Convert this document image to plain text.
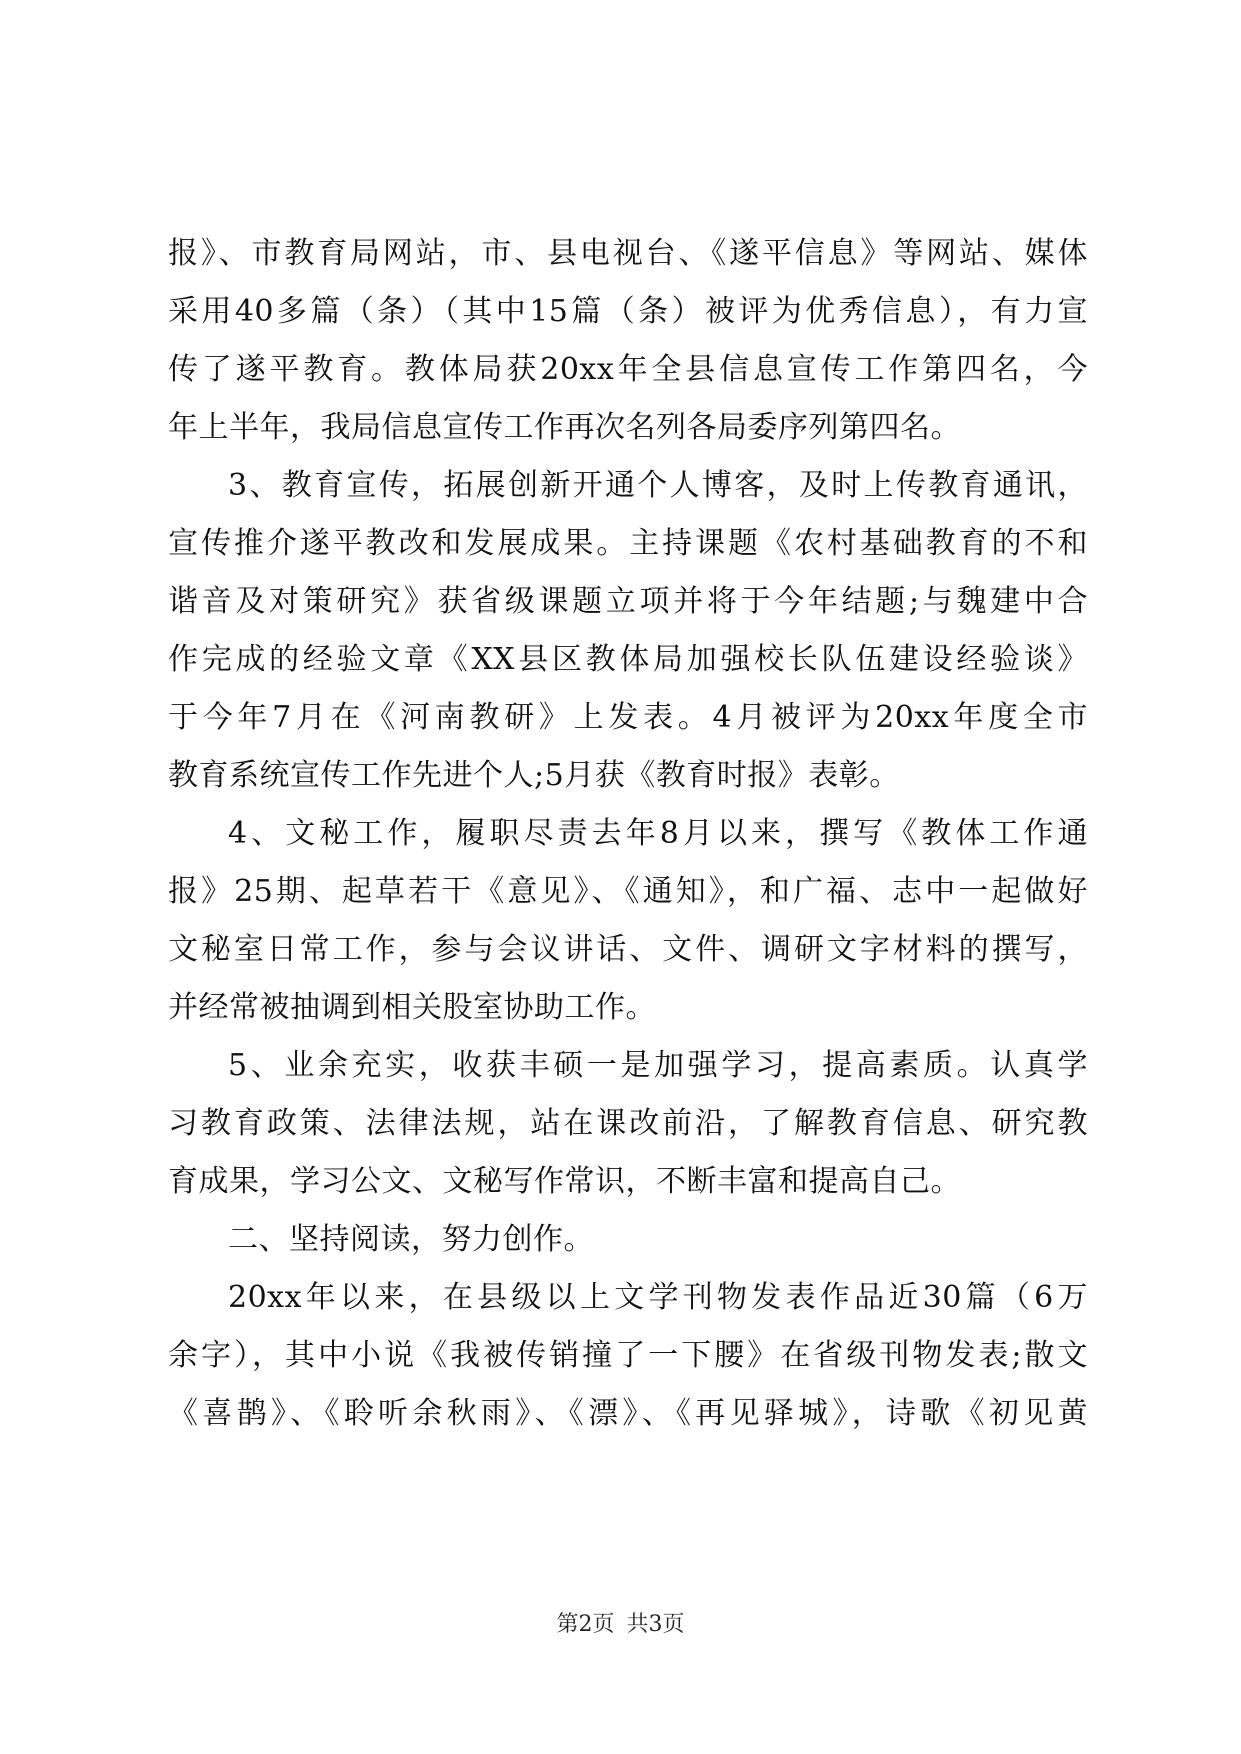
报》、市教育局网站，市、县电视台、《遂平信息》等网站、媒体
采用40多篇（条）（其中15篇（条）被评为优秀信息），有力宣
传了遂平教育。教体局获20xx年全县信息宣传工作第四名，今
年上半年，我局信息宣传工作再次名列各局委序列第四名。
3、教育宣传，拓展创新开通个人博客，及时上传教育通讯，
宣传推介遂平教改和发展成果。主持课题《农村基础教育的不和
谐音及对策研究》获省级课题立项并将于今年结题;与魏建中合
作完成的经验文章《XX县区教体局加强校长队伍建设经验谈》
于今年7月在《河南教研》上发表。4月被评为20xx年度全市
教育系统宣传工作先进个人;5月获《教育时报》表彰。
4、文秘工作，履职尽责去年8月以来，撰写《教体工作通
报》25期、起草若干《意见》、《通知》，和广福、志中一起做好
文秘室日常工作，参与会议讲话、文件、调研文字材料的撰写，
并经常被抽调到相关股室协助工作。
5、业余充实，收获丰硕一是加强学习，提高素质。认真学
习教育政策、法律法规，站在课改前沿，了解教育信息、研究教
育成果，学习公文、文秘写作常识，不断丰富和提高自己。
二、坚持阅读，努力创作。
20xx年以来，在县级以上文学刊物发表作品近30篇（6万
余字），其中小说《我被传销撞了一下腰》在省级刊物发表;散文
《喜鹊》、《聆听余秋雨》、《漂》、《再见驿城》，诗歌《初见黄
第2页 共3页
